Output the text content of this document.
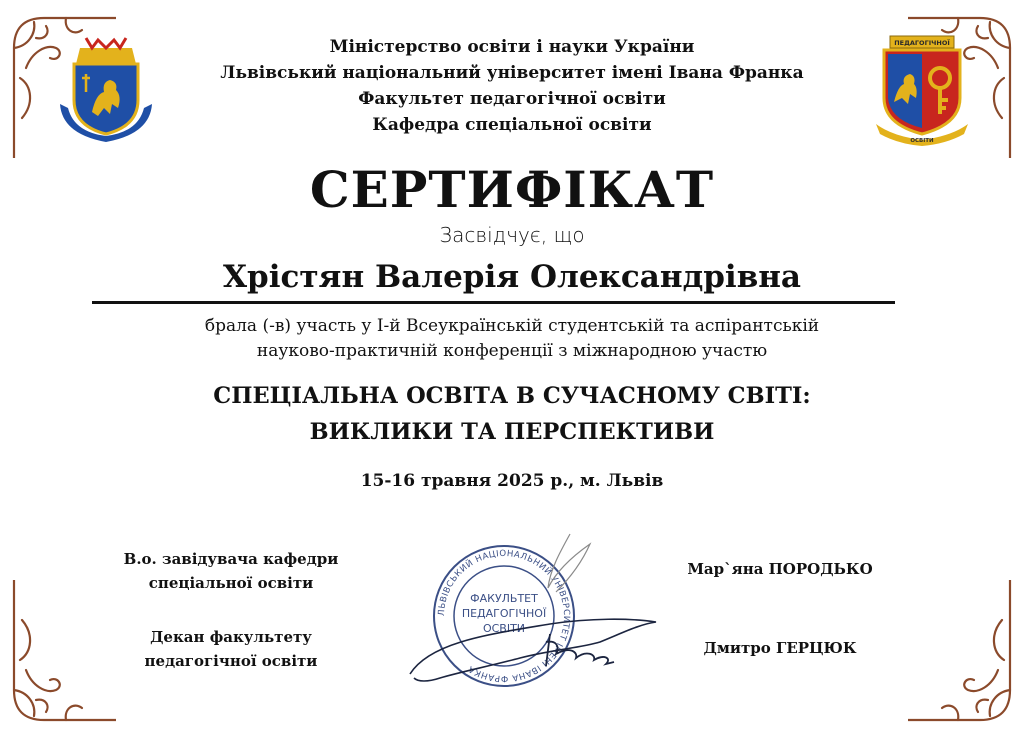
ПЕДАГОГІЧНОЇ
ОСВІТИ
Міністерство освіти і науки України
Львівський національний університет імені Івана Франка
Факультет педагогічної освіти
Кафедра спеціальної освіти
СЕРТИФІКАТ
Засвідчує, що
Хрістян Валерія Олександрівна
брала (-в) участь у І-й Всеукраїнській студентській та аспірантській
науково-практичній конференції з міжнародною участю
СПЕЦІАЛЬНА ОСВІТА В СУЧАСНОМУ СВІТІ:
ВИКЛИКИ ТА ПЕРСПЕКТИВИ
15-16 травня 2025 р., м. Львів
В.о. завідувача кафедри
спеціальної освіти
Декан факультету
педагогічної освіти
Мар`яна ПОРОДЬКО
Дмитро ГЕРЦЮК
ЛЬВІВСЬКИЙ НАЦІОНАЛЬНИЙ УНІВЕРСИТЕТ ІМЕНІ ІВАНА ФРАНКА
ФАКУЛЬТЕТ
ПЕДАГОГІЧНОЇ
ОСВІТИ
